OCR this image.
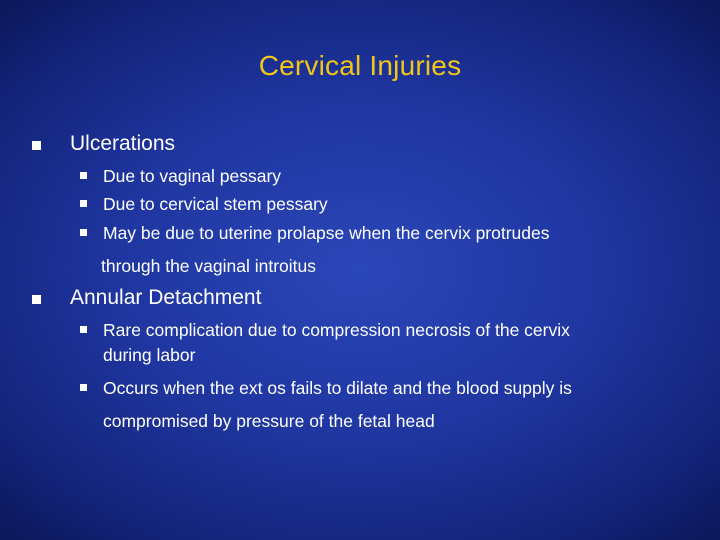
Cervical Injuries
Ulcerations
Due to vaginal pessary
Due to cervical stem pessary
May be due to uterine prolapse when the cervix protrudes
through the vaginal introitus
Annular Detachment
Rare complication due to compression necrosis of the cervix
during labor
Occurs when the ext os fails to dilate and the blood supply is
compromised by pressure of the fetal head
